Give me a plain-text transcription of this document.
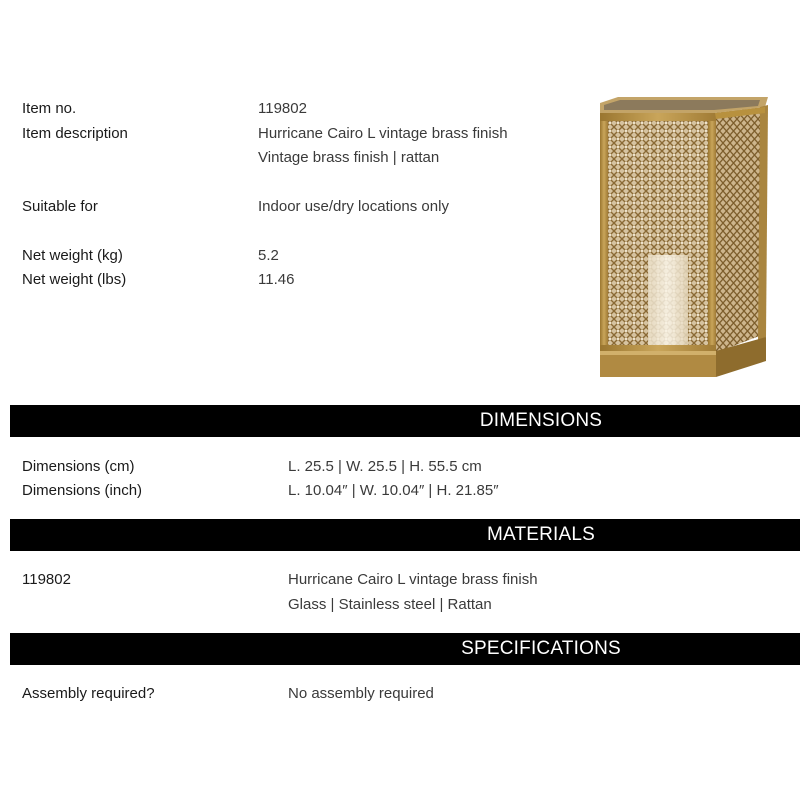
Item no.	119802
Item description	Hurricane Cairo L vintage brass finish
Vintage brass finish | rattan
Suitable for	Indoor use/dry locations only
Net weight (kg)	5.2
Net weight (lbs)	11.46
DIMENSIONS
Dimensions (cm)	L. 25.5 | W. 25.5 | H. 55.5 cm
Dimensions (inch)	L. 10.04″ | W. 10.04″ | H. 21.85″
MATERIALS
119802	Hurricane Cairo L vintage brass finish
Glass | Stainless steel | Rattan
SPECIFICATIONS
Assembly required?	No assembly required
